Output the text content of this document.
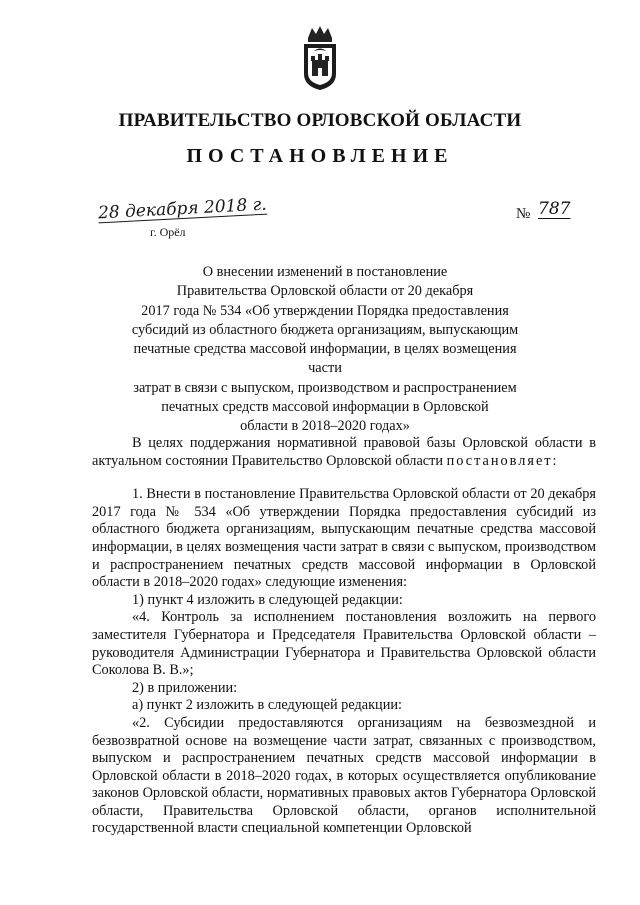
ПРАВИТЕЛЬСТВО ОРЛОВСКОЙ ОБЛАСТИ
ПОСТАНОВЛЕНИЕ
28 декабря 2018 г.
г. Орёл
№ 787
О внесении изменений в постановление
Правительства Орловской области от 20 декабря
2017 года № 534 «Об утверждении Порядка предоставления
субсидий из областного бюджета организациям, выпускающим
печатные средства массовой информации, в целях возмещения части
затрат в связи с выпуском, производством и распространением
печатных средств массовой информации в Орловской
области в 2018–2020 годах»

В целях поддержания нормативной правовой базы Орловской области в актуальном состоянии Правительство Орловской области постановляет:

1. Внести в постановление Правительства Орловской области от 20 декабря 2017 года № 534 «Об утверждении Порядка предоставления субсидий из областного бюджета организациям, выпускающим печатные средства массовой информации, в целях возмещения части затрат в связи с выпуском, производством и распространением печатных средств массовой информации в Орловской области в 2018–2020 годах» следующие изменения:

1) пункт 4 изложить в следующей редакции:

«4. Контроль за исполнением постановления возложить на первого заместителя Губернатора и Председателя Правительства Орловской области – руководителя Администрации Губернатора и Правительства Орловской области Соколова В. В.»;

2) в приложении:

а) пункт 2 изложить в следующей редакции:

«2. Субсидии предоставляются организациям на безвозмездной и безвозвратной основе на возмещение части затрат, связанных с производством, выпуском и распространением печатных средств массовой информации в Орловской области в 2018–2020 годах, в которых осуществляется опубликование законов Орловской области, нормативных правовых актов Губернатора Орловской области, Правительства Орловской области, органов исполнительной государственной власти специальной компетенции Орловской
